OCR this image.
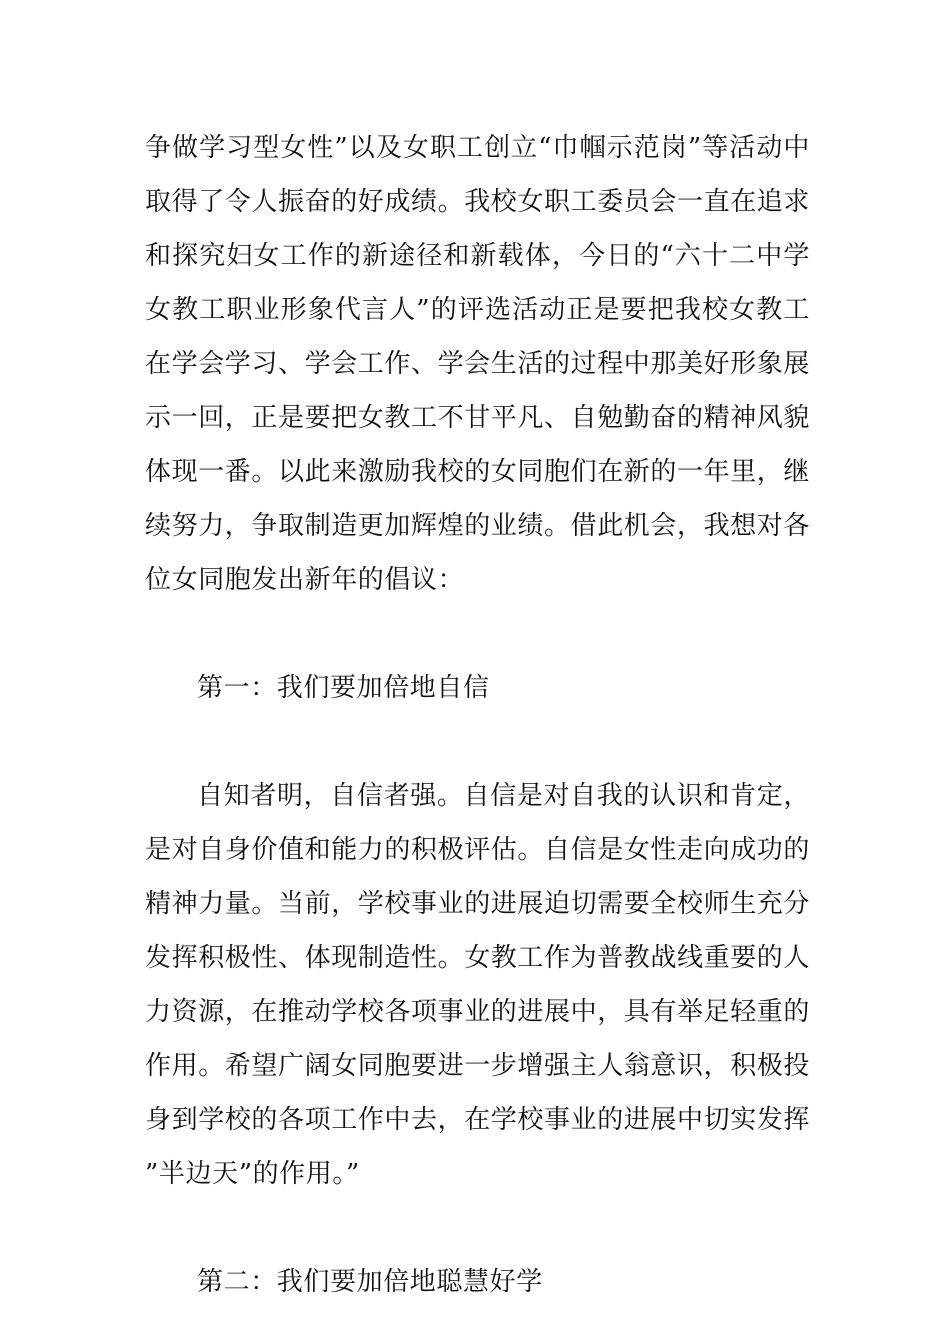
争做学习型女性”以及女职工创立“巾帼示范岗”等活动中取得了令人振奋的好成绩。我校女职工委员会一直在追求和探究妇女工作的新途径和新载体，今日的“六十二中学女教工职业形象代言人”的评选活动正是要把我校女教工在学会学习、学会工作、学会生活的过程中那美好形象展示一回，正是要把女教工不甘平凡、自勉勤奋的精神风貌体现一番。以此来激励我校的女同胞们在新的一年里，继续努力，争取制造更加辉煌的业绩。借此机会，我想对各位女同胞发出新年的倡议：

第一：我们要加倍地自信

自知者明，自信者强。自信是对自我的认识和肯定，是对自身价值和能力的积极评估。自信是女性走向成功的精神力量。当前，学校事业的进展迫切需要全校师生充分发挥积极性、体现制造性。女教工作为普教战线重要的人力资源，在推动学校各项事业的进展中，具有举足轻重的作用。希望广阔女同胞要进一步增强主人翁意识，积极投身到学校的各项工作中去，在学校事业的进展中切实发挥”半边天”的作用。”

第二：我们要加倍地聪慧好学
